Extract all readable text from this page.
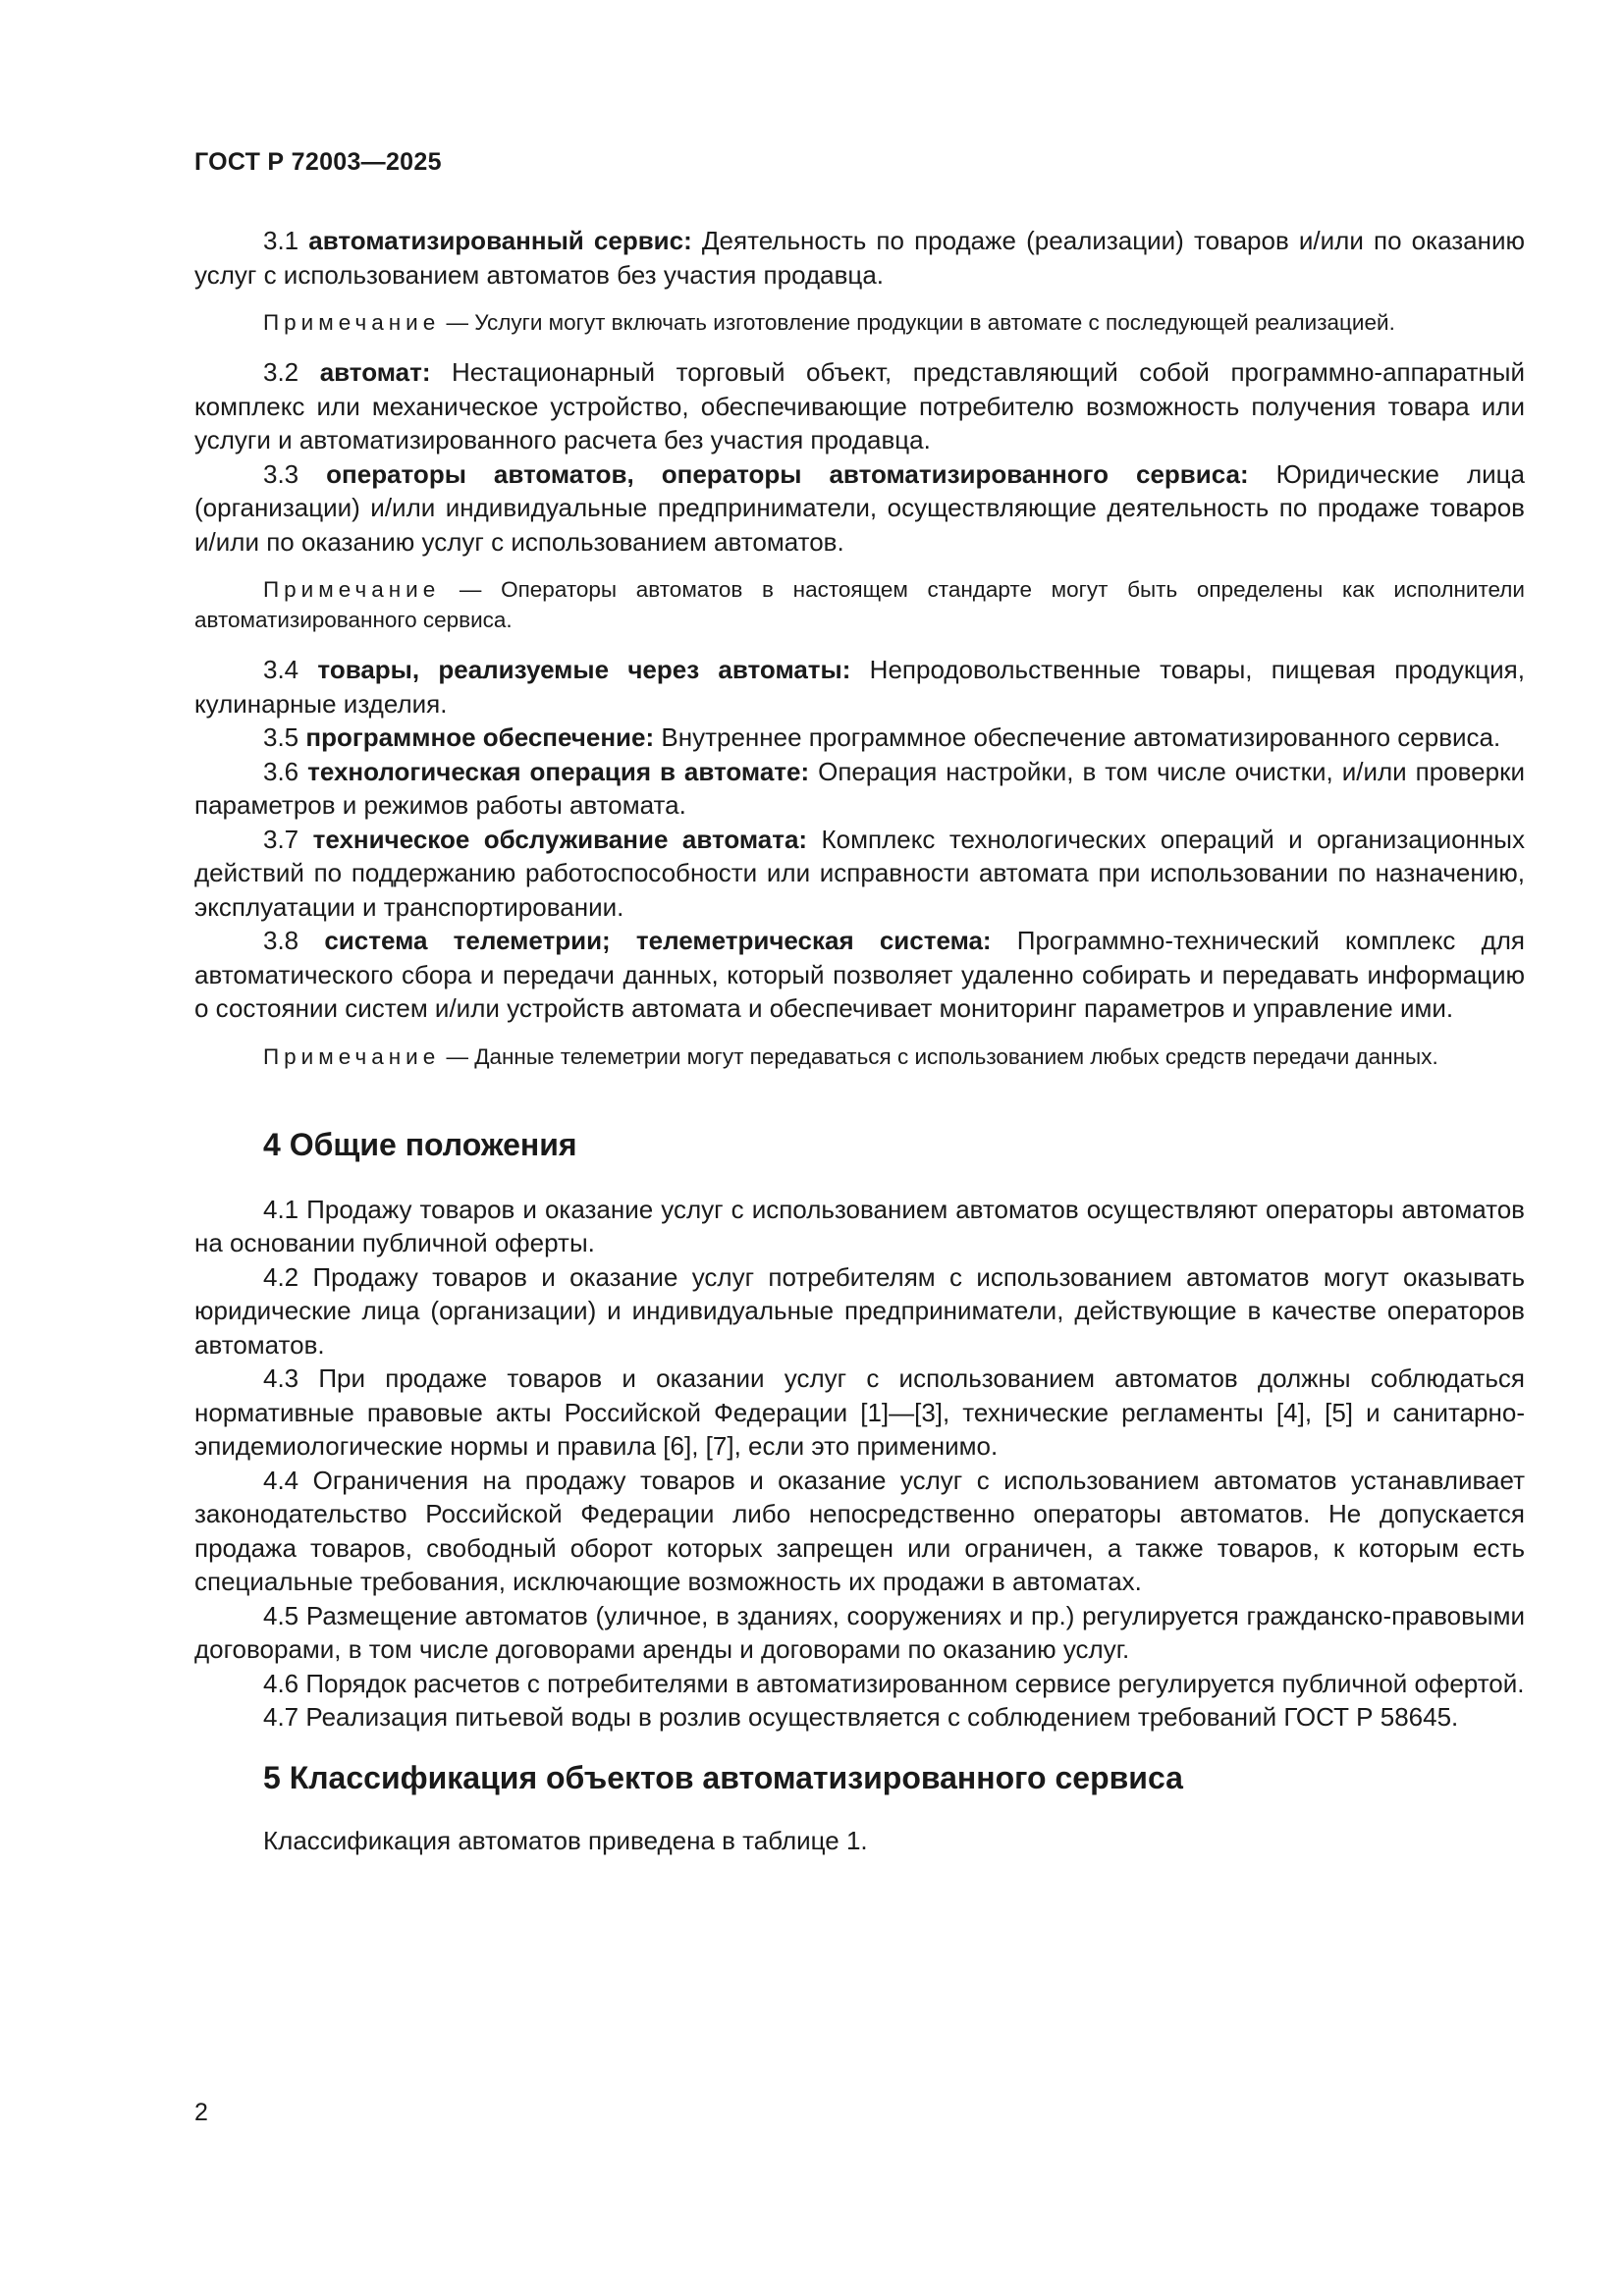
ГОСТ Р 72003—2025

3.1 автоматизированный сервис: Деятельность по продаже (реализации) товаров и/или по оказанию услуг с использованием автоматов без участия продавца.

Примечание — Услуги могут включать изготовление продукции в автомате с последующей реализацией.

3.2 автомат: Нестационарный торговый объект, представляющий собой программно-аппаратный комплекс или механическое устройство, обеспечивающие потребителю возможность получения товара или услуги и автоматизированного расчета без участия продавца.

3.3 операторы автоматов, операторы автоматизированного сервиса: Юридические лица (организации) и/или индивидуальные предприниматели, осуществляющие деятельность по продаже товаров и/или по оказанию услуг с использованием автоматов.

Примечание — Операторы автоматов в настоящем стандарте могут быть определены как исполнители автоматизированного сервиса.

3.4 товары, реализуемые через автоматы: Непродовольственные товары, пищевая продукция, кулинарные изделия.

3.5 программное обеспечение: Внутреннее программное обеспечение автоматизированного сервиса.

3.6 технологическая операция в автомате: Операция настройки, в том числе очистки, и/или проверки параметров и режимов работы автомата.

3.7 техническое обслуживание автомата: Комплекс технологических операций и организационных действий по поддержанию работоспособности или исправности автомата при использовании по назначению, эксплуатации и транспортировании.

3.8 система телеметрии; телеметрическая система: Программно-технический комплекс для автоматического сбора и передачи данных, который позволяет удаленно собирать и передавать информацию о состоянии систем и/или устройств автомата и обеспечивает мониторинг параметров и управление ими.

Примечание — Данные телеметрии могут передаваться с использованием любых средств передачи данных.

4 Общие положения

4.1 Продажу товаров и оказание услуг с использованием автоматов осуществляют операторы автоматов на основании публичной оферты.

4.2 Продажу товаров и оказание услуг потребителям с использованием автоматов могут оказывать юридические лица (организации) и индивидуальные предприниматели, действующие в качестве операторов автоматов.

4.3 При продаже товаров и оказании услуг с использованием автоматов должны соблюдаться нормативные правовые акты Российской Федерации [1]—[3], технические регламенты [4], [5] и санитарно-эпидемиологические нормы и правила [6], [7], если это применимо.

4.4 Ограничения на продажу товаров и оказание услуг с использованием автоматов устанавливает законодательство Российской Федерации либо непосредственно операторы автоматов. Не допускается продажа товаров, свободный оборот которых запрещен или ограничен, а также товаров, к которым есть специальные требования, исключающие возможность их продажи в автоматах.

4.5 Размещение автоматов (уличное, в зданиях, сооружениях и пр.) регулируется гражданско-правовыми договорами, в том числе договорами аренды и договорами по оказанию услуг.

4.6 Порядок расчетов с потребителями в автоматизированном сервисе регулируется публичной офертой.

4.7 Реализация питьевой воды в розлив осуществляется с соблюдением требований ГОСТ Р 58645.

5 Классификация объектов автоматизированного сервиса

Классификация автоматов приведена в таблице 1.

2
